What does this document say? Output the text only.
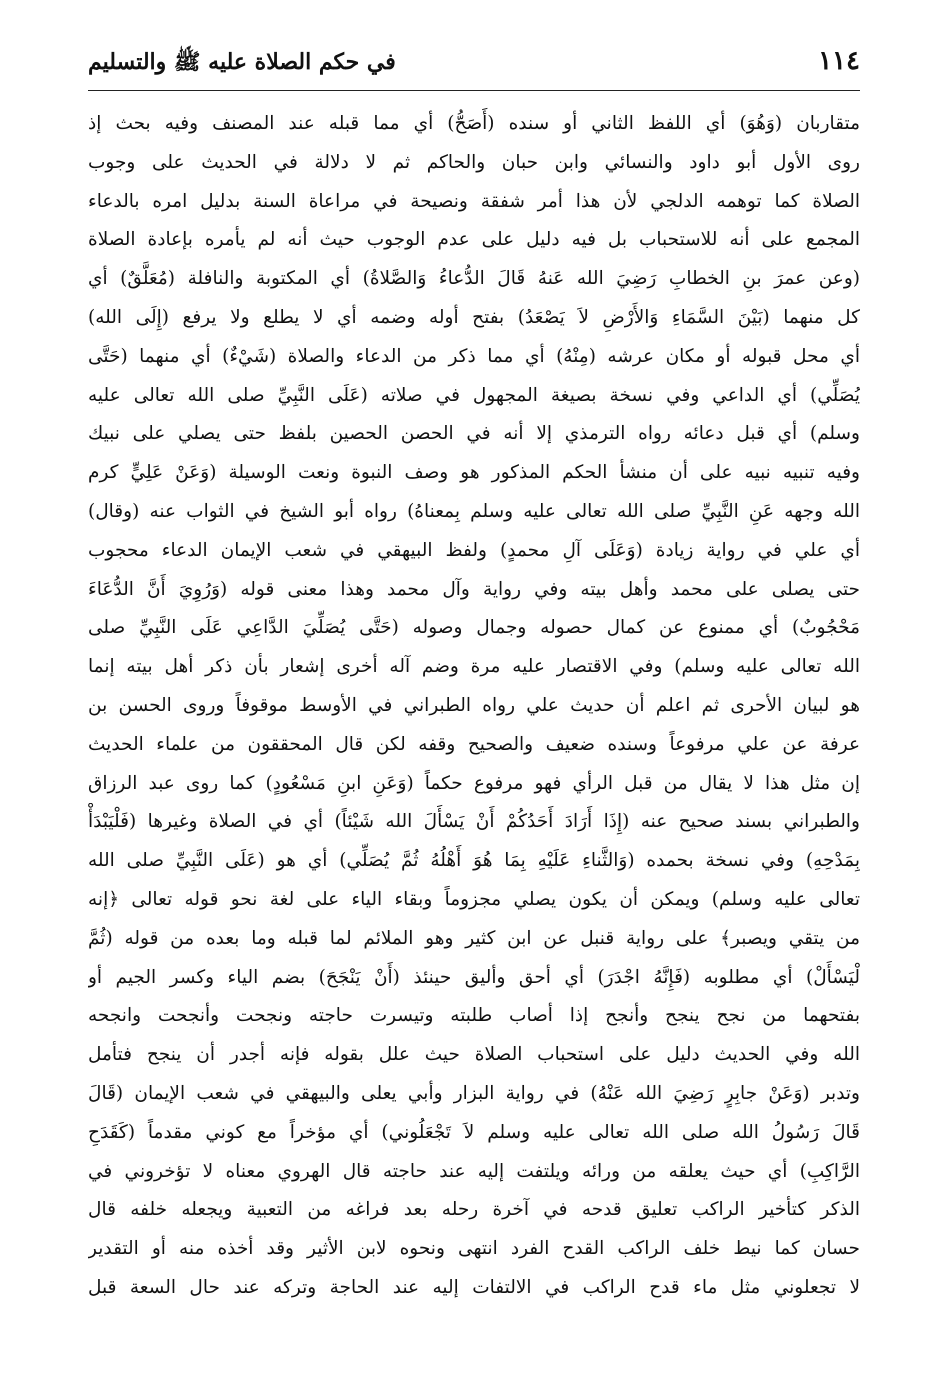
١١٤
في حكم الصلاة عليه ﷺ والتسليم
متقاربان (وَهُوَ) أي اللفظ الثاني أو سنده (أَصَحُّ) أي مما قبله عند المصنف وفيه بحث إذ
روى الأول أبو داود والنسائي وابن حبان والحاكم ثم لا دلالة في الحديث على وجوب
الصلاة كما توهمه الدلجي لأن هذا أمر شفقة ونصيحة في مراعاة السنة بدليل امره بالدعاء
المجمع على أنه للاستحباب بل فيه دليل على عدم الوجوب حيث أنه لم يأمره بإعادة الصلاة
(وعن عمرَ بنِ الخطابِ رَضِيَ الله عَنهُ قَالَ الدُّعاءُ وَالصَّلاةُ) أي المكتوبة والنافلة (مُعَلَّقٌ) أي
كل منهما (بَيْنَ السَّمَاءِ وَالأَرْضِ لاَ يَصْعَدُ) بفتح أوله وضمه أي لا يطلع ولا يرفع (إِلَى الله)
أي محل قبوله أو مكان عرشه (مِنْهُ) أي مما ذكر من الدعاء والصلاة (شَيْءٌ) أي منهما (حَتَّى
يُصَلِّي) أي الداعي وفي نسخة بصيغة المجهول في صلاته (عَلَى النَّبِيِّ صلى الله تعالى عليه
وسلم) أي قبل دعائه رواه الترمذي إلا أنه في الحصن الحصين بلفظ حتى يصلي على نبيك
وفيه تنبيه نبيه على أن منشأ الحكم المذكور هو وصف النبوة ونعت الوسيلة (وَعَنْ عَلِيٍّ كرم
الله وجهه عَنِ النَّبِيِّ صلى الله تعالى عليه وسلم بِمعناهُ) رواه أبو الشيخ في الثواب عنه (وقال)
أي علي في رواية زيادة (وَعَلَى آلِ محمدٍ) ولفظ البيهقي في شعب الإيمان الدعاء محجوب
حتى يصلى على محمد وأهل بيته وفي رواية وآل محمد وهذا معنى قوله (وَرُوِيَ أَنَّ الدُّعَاءَ
مَحْجُوبٌ) أي ممنوع عن كمال حصوله وجمال وصوله (حَتَّى يُصَلِّيَ الدَّاعِي عَلَى النَّبِيِّ صلى
الله تعالى عليه وسلم) وفي الاقتصار عليه مرة وضم آله أخرى إشعار بأن ذكر أهل بيته إنما
هو لبيان الأحرى ثم اعلم أن حديث علي رواه الطبراني في الأوسط موقوفاً وروى الحسن بن
عرفة عن علي مرفوعاً وسنده ضعيف والصحيح وقفه لكن قال المحققون من علماء الحديث
إن مثل هذا لا يقال من قبل الرأي فهو مرفوع حكماً (وَعَنِ ابنِ مَسْعُودٍ) كما روى عبد الرزاق
والطبراني بسند صحيح عنه (إِذَا أَرَادَ أَحَدُكُمْ أَنْ يَسْأَلَ الله شَيْئاً) أي في الصلاة وغيرها (فَلْيَبْدَأْ
بِمَدْحِهِ) وفي نسخة بحمده (وَالثَّناءِ عَلَيْهِ بِمَا هُوَ أَهْلُهُ ثُمَّ يُصَلِّي) أي هو (عَلَى النَّبِيِّ صلى الله
تعالى عليه وسلم) ويمكن أن يكون يصلي مجزوماً وبقاء الياء على لغة نحو قوله تعالى ﴿إنه
من يتقي ويصبر﴾ على رواية قنبل عن ابن كثير وهو الملائم لما قبله وما بعده من قوله (ثُمَّ
لْيَسْأَلْ) أي مطلوبه (فَإِنَّهُ اجْدَرَ) أي أحق وأليق حينئذ (أَنْ يَنْجَحَ) بضم الياء وكسر الجيم أو
بفتحهما من نجح ينجح وأنجح إذا أصاب طلبته وتيسرت حاجته ونجحت وأنجحت وانجحه
الله وفي الحديث دليل على استحباب الصلاة حيث علل بقوله فإنه أجدر أن ينجح فتأمل
وتدبر (وَعَنْ جابِرٍ رَضِيَ الله عَنْهُ) في رواية البزار وأبي يعلى والبيهقي في شعب الإيمان (قَالَ
قَالَ رَسُولُ الله صلى الله تعالى عليه وسلم لاَ تَجْعَلُوني) أي مؤخراً مع كوني مقدماً (كَقَدَحِ
الرَّاكِبِ) أي حيث يعلقه من ورائه ويلتفت إليه عند حاجته قال الهروي معناه لا تؤخروني في
الذكر كتأخير الراكب تعليق قدحه في آخرة رحله بعد فراغه من التعبية ويجعله خلفه قال
حسان كما نيط خلف الراكب القدح الفرد انتهى ونحوه لابن الأثير وقد أخذه منه أو التقدير
لا تجعلوني مثل ماء قدح الراكب في الالتفات إليه عند الحاجة وتركه عند حال السعة قبل
